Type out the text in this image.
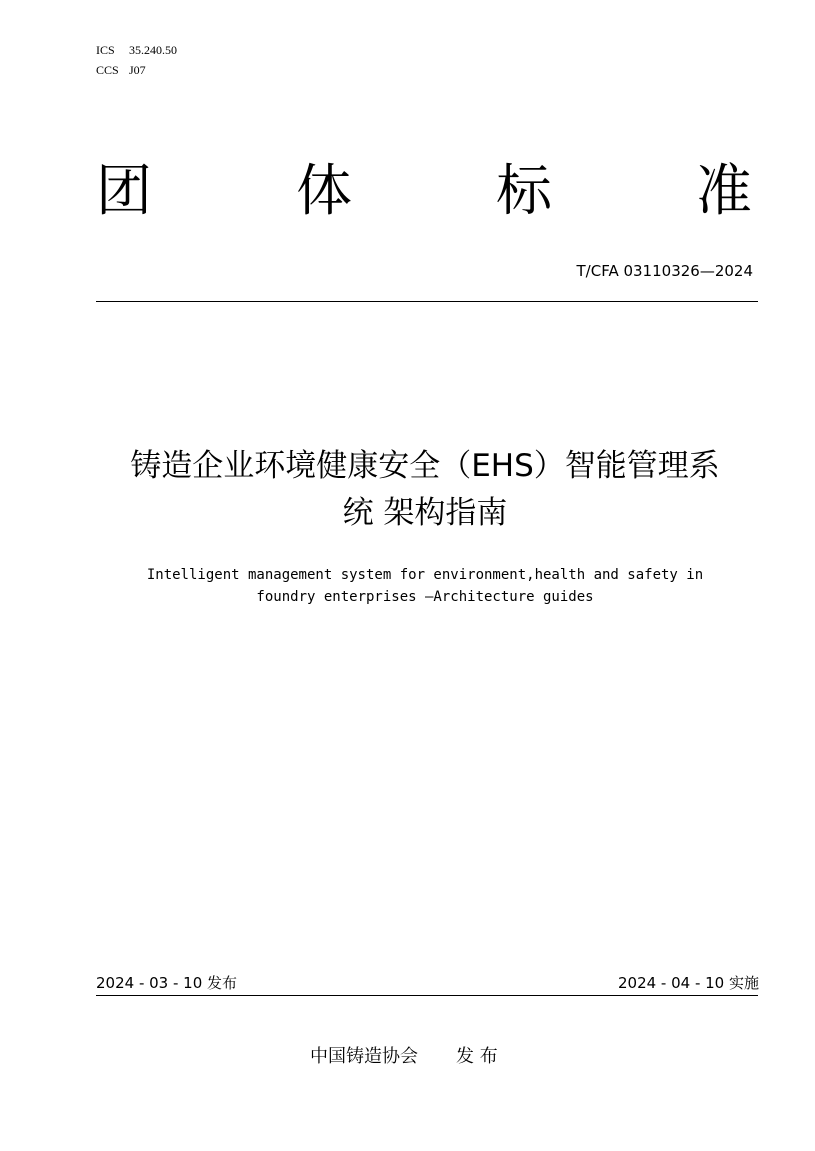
ICS 35.240.50
CCS J07
团	体	标	准
T/CFA 03110326—2024
铸造企业环境健康安全（EHS）智能管理系
统 架构指南
Intelligent management system for environment,health and safety in
foundry enterprises —Architecture guides
2024 - 03 - 10 发布	2024 - 04 - 10 实施
中国铸造协会 发 布
